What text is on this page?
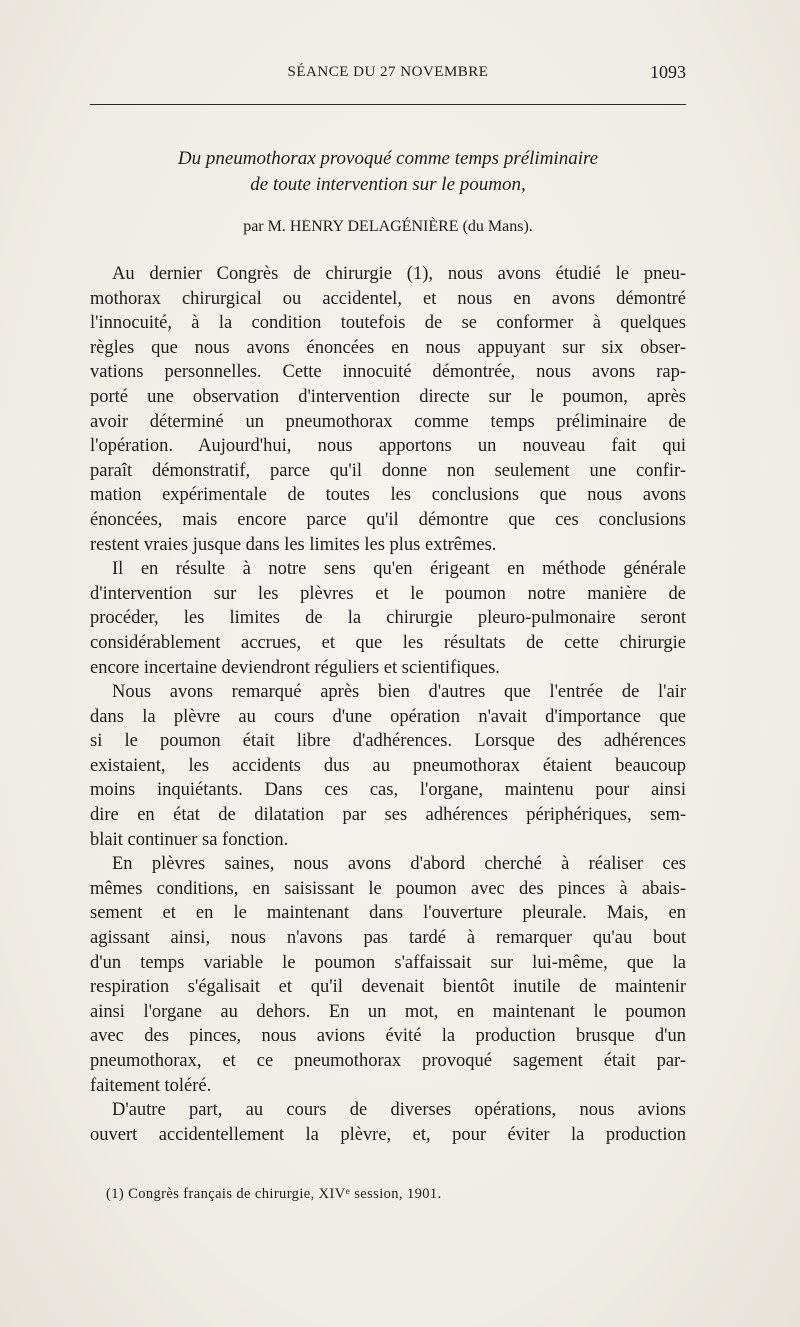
SÉANCE DU 27 NOVEMBRE	1093
Du pneumothorax provoqué comme temps préliminaire
de toute intervention sur le poumon,
par M. HENRY DELAGÉNIÈRE (du Mans).
Au dernier Congrès de chirurgie (1), nous avons étudié le pneu-
mothorax chirurgical ou accidentel, et nous en avons démontré
l'innocuité, à la condition toutefois de se conformer à quelques
règles que nous avons énoncées en nous appuyant sur six obser-
vations personnelles. Cette innocuité démontrée, nous avons rap-
porté une observation d'intervention directe sur le poumon, après
avoir déterminé un pneumothorax comme temps préliminaire de
l'opération. Aujourd'hui, nous apportons un nouveau fait qui
paraît démonstratif, parce qu'il donne non seulement une confir-
mation expérimentale de toutes les conclusions que nous avons
énoncées, mais encore parce qu'il démontre que ces conclusions
restent vraies jusque dans les limites les plus extrêmes.
Il en résulte à notre sens qu'en érigeant en méthode générale
d'intervention sur les plèvres et le poumon notre manière de
procéder, les limites de la chirurgie pleuro-pulmonaire seront
considérablement accrues, et que les résultats de cette chirurgie
encore incertaine deviendront réguliers et scientifiques.
Nous avons remarqué après bien d'autres que l'entrée de l'air
dans la plèvre au cours d'une opération n'avait d'importance que
si le poumon était libre d'adhérences. Lorsque des adhérences
existaient, les accidents dus au pneumothorax étaient beaucoup
moins inquiétants. Dans ces cas, l'organe, maintenu pour ainsi
dire en état de dilatation par ses adhérences périphériques, sem-
blait continuer sa fonction.
En plèvres saines, nous avons d'abord cherché à réaliser ces
mêmes conditions, en saisissant le poumon avec des pinces à abais-
sement et en le maintenant dans l'ouverture pleurale. Mais, en
agissant ainsi, nous n'avons pas tardé à remarquer qu'au bout
d'un temps variable le poumon s'affaissait sur lui-même, que la
respiration s'égalisait et qu'il devenait bientôt inutile de maintenir
ainsi l'organe au dehors. En un mot, en maintenant le poumon
avec des pinces, nous avions évité la production brusque d'un
pneumothorax, et ce pneumothorax provoqué sagement était par-
faitement toléré.
D'autre part, au cours de diverses opérations, nous avions
ouvert accidentellement la plèvre, et, pour éviter la production
(1) Congrès français de chirurgie, XIVe session, 1901.
